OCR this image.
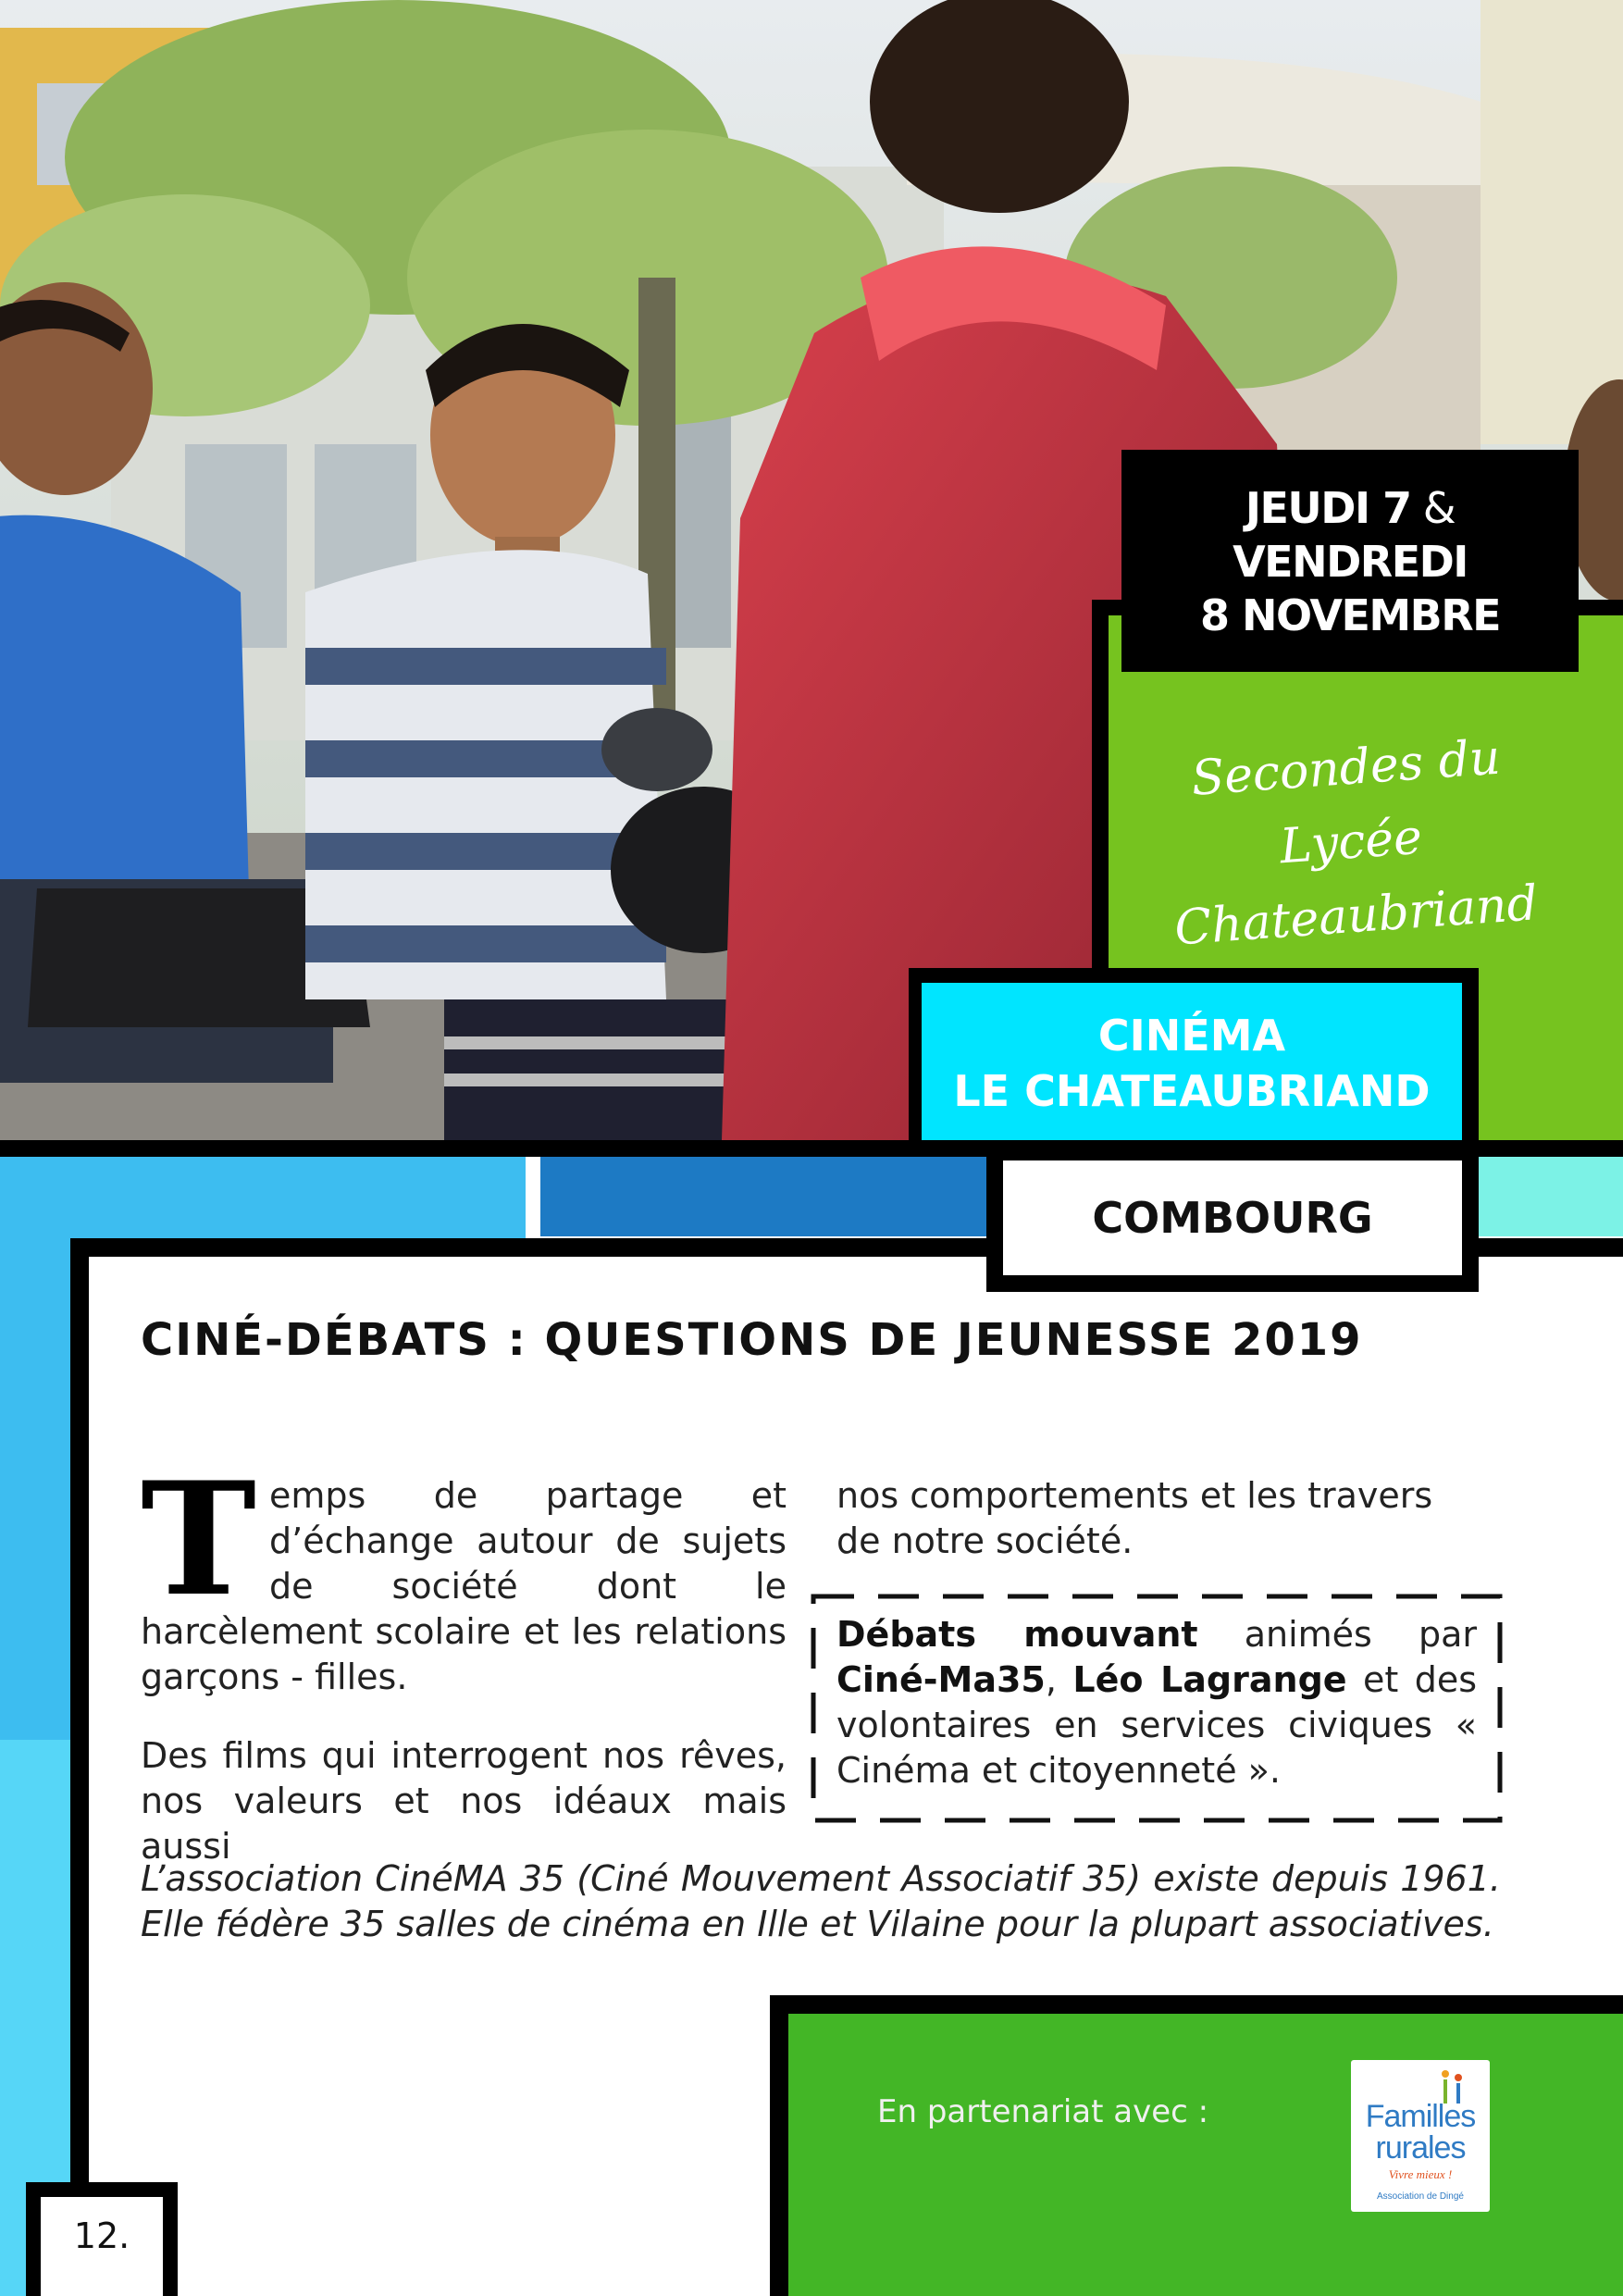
JEUDI 7 &
VENDREDI
8 NOVEMBRE
Secondes du Lycée
Chateaubriand
CINÉMA
LE CHATEAUBRIAND
COMBOURG
CINÉ-DÉBATS : QUESTIONS DE JEUNESSE 2019

Temps de partage et d’échange autour de sujets de société dont le harcèlement scolaire et les relations garçons - filles.

Des films qui interrogent nos rêves, nos valeurs et nos idéaux mais aussi

nos comportements et les travers de notre société.
Débats mouvant animés par Ciné-Ma35, Léo Lagrange et des volontaires en services civiques « Cinéma et citoyenneté ».

L’association CinéMA 35 (Ciné Mouvement Associatif 35) existe depuis 1961. Elle fédère 35 salles de cinéma en Ille et Vilaine pour la plupart associatives.

En partenariat avec :	Familles
rurales
Vivre mieux !
Association de Dingé
12.
